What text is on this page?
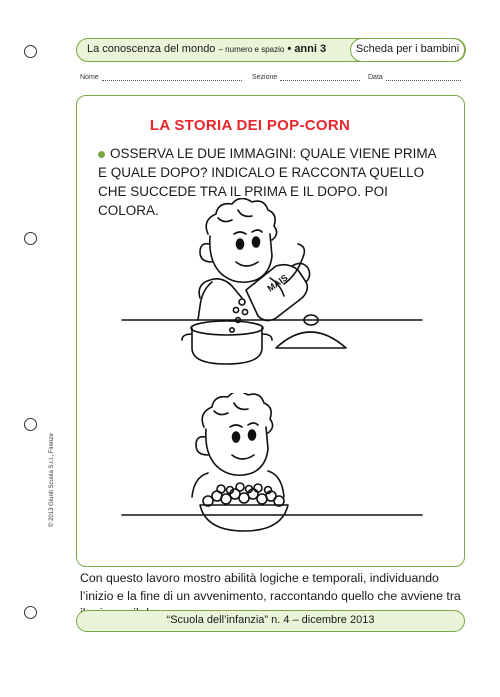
La conoscenza del mondo – numero e spazio • anni 3	Scheda per i bambini
Nome	Sezione	Data
LA STORIA DEI POP-CORN
OSSERVA LE DUE IMMAGINI: QUALE VIENE PRIMA E QUALE DOPO? INDICALO E RACCONTA QUELLO CHE SUCCEDE TRA IL PRIMA E IL DOPO. POI COLORA.
MAIS
© 2013 Giunti Scuola S.r.l., Firenze
Con questo lavoro mostro abilità logiche e temporali, individuando l’inizio e la fine di un avvenimento, raccontando quello che avviene tra
“Scuola dell’infanzia” n. 4 – dicembre 2013
